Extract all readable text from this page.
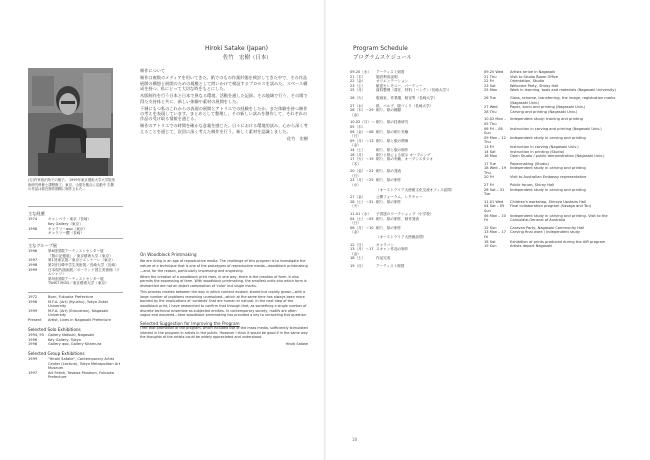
Hiroki Satake (Japan)
佐竹　宏樹（日本）
Program Schedule
プログラムスケジュール
(左)作家宿泊所での様子。 1999年東京藝術大学大学院美術研究科修士課程修了。東京、山梨を拠点に活動中 右側の作品は滞在制作期間に制作された...
主な経歴
1974	キャンベラ・東京（長崎）
Key Gallery（東京）
1998	ギャラリーqoo（東京）
ギャラリー櫻（長崎）
主なグループ展
1996	第6回国際アーティストセンター展
『版の記憶展』／東京藝術大学（東京）
1997	第1回東京展／東京ビエンナーレ（東京）
1998	第2回日韓中学生美術展／長崎大学（長崎）
1999	日本現代版画展／ポーランド国立美術館（ワルシャワ）
第5回国際アーティストセンター展
TWIST MOD／東京藝術大学（東京）
1972	Born, Fukuoka Prefecture
1996	M.F.A. (Art) (Kyushu), Tokyo Zokei University
1999	M.F.A. (Art) (Education), Nagasaki University
Present	Artist, Lives in Nagasaki Prefecture
Selected Solo Exhibitions
1994, 95	Gallery Natsuki, Nagasaki
1996	Key Gallery, Tokyo
1998	Gallery qoo, Gallery Kitamura
Selected Group Exhibitions
1999	"Hiroki Satake", Contemporary Artist Center (Lecture), Tokyo Metropolitan Art Museum
1997	Art Fetish, Tasawa Museum, Fukuoka Prefecture
制作について

制作は複数のメディアを用いてきた。紙でのもの作業形態を検討してきた中で、その作品展開の構想と展開のための規模として問いかけて検証するプロセスを試みた。スペース構成を持つ、私にとって大切な時をもとにした。

木版制作を行う日本と日本で異なる環境、活動を通した記録。その地域で行う、その場で得た支持体と共に、新しい体験や素材の展開をした。

下層にもつ私のこれからの表現の展開とアトリエでの経験をしたか。まだ体験を持つ制作の考えを表現しています。まとめとして整理し、その新しい試みを創作して、それぞれの作品の受け取る情報を通じる。

制作のアトリエでの時間を確かな意義を感じた。日々における環境的試み、心から深く考えることを通じて、次回に深く考えた制作を行う。新しく素材を認識しました。

佐竹　宏樹
On Woodblock Printmaking

We are living in an age of reproductive media. The challenge of this program is to investigate the nature of a technique that is one of the prototypes of reproductive media—woodblock printmaking—and, for the reason, particularly impressing and engraving.

When the creation of a woodblock print rises, in one way, there is the creation of form. It also permits the expressing of form. With woodblock printmaking, the smallest units into which form is dismantled are not an object composition of 'color' but single marks.

This process creates between the way in which content evoked, stored but rapidly grown—with a large number of problems remaining unresolved—which at the same time has always been more bonded by the implications of 'contexts' that are human or natural. In the next step of the woodblock print, I have researched to confirm that through that, as something a single number of discrete technical ensemble as subjected entities. In contemporary society, motifs are often vague and assumed—here woodblock printmaking has provided a key to unraveling this question.

Selected Suggestion for Improving the Program

I felt that promotion of the program, which included use of the mass media, sufficiently stimulated interest in the program in artists in the public. However I think it would be good if in the same way the thoughts of the artists could be widely appreciated and understood.

Hiroki Satake
09.20（水）	アーティスト到着
21（木）	施設利用説明
22（金）	オリエンテーション
23（土）	歓迎セレモニー、パーティー
25（月）	資料整理（滞在、材料（ハンク）（長崎大学））
26（火）	版画室、作業場、暗室等（長崎大学）
27（水）	紙、パルプ、版づくり（長崎大学）
28（木）〜29（金）
刷り、紙の種類
10.02（月）〜05（木）
刷り、紙の技術研究
06（金）〜08（日）
刷り、紙の刷り実験
09（月）〜13（金）
刷り、紙と版の関係
14（土）	刷り、紙と版の制作
16（月）	刷りと紙による展示 オープニング
17（火）〜19（木）
刷り、紙の実験、オープンスタジオ
20（金）〜22（日）
刷り、紙の発表
23（月）〜25（水）
刷り、紙の制作
（オーストラリア大使館文化交流オフィス訪問）
27（金）	公開フォーラム、レクチャー
28（土）〜31（火）
刷り、紙の制作
11.01（水）	子供達のワークショップ（小学校）
04（土）〜05（日）
刷り、紙の制作、制作発表
06（月）〜10（金）
刷り、紙の制作
（オーストラリア大使館訪問）
12（日）	キャラバン
13（月）〜17（金）
スキャン作品の制作
18（土）	作品完成
19（日）	アーティスト帰国
09.20 Wed	Artists arrive in Nagasaki
21 Thu	Visit to Studio Room Office
22 Fri	Orientation, Studio
23 Sat	Welcome Party, Shiroy Hall
25 Mon	Work in learning, tools and materials (Nagasaki University)
26 Tue	Glass, scheme, transferring, the image, registration marks (Nagasaki Univ.)
27 Wed	Paper, burin and printing (Nagasaki Univ.)
28 Thu	Carving and printing (Nagasaki Univ.)
10.02 Mon – 05 Thu
Independent study: training and printing
06 Fri – 08 Sun
Instruction in carving and printing (Nagasaki Univ.)
09 Mon – 12 Thu
Independent study in carving and printing
13 Fri	Instruction in carving (Nagasaki Univ.)
14 Sat	Instruction in printing (Studio)
16 Mon	Open Studio / public demonstration (Nagasaki Univ.)
17 Tue	Papermaking (Studio)
18 Wed – 19 Thu
Independent study in carving and printing
20 Fri	Visit to Australian Embassy representative
27 Fri	Public forum, Shiroy Hall
28 Sat – 31 Tue
Independent study in carving and printing
11.01 Wed	Children's workshop, Shiroyo Upstairs Hall
04 Sat – 05 Sun
Final collaboration program (Sasago and Tsu)
06 Mon – 10 Fri
Independent study in carving and printing. Visit to the Consulate-General of Australia
12 Sun	Caravan Party, Nagasaki Community Hall
13 Mon – 17 Fri
Carving final work / Independent study
18 Sat	Exhibition of prints produced during the AIR program
19 Sun	Artists depart Nagasaki
18
